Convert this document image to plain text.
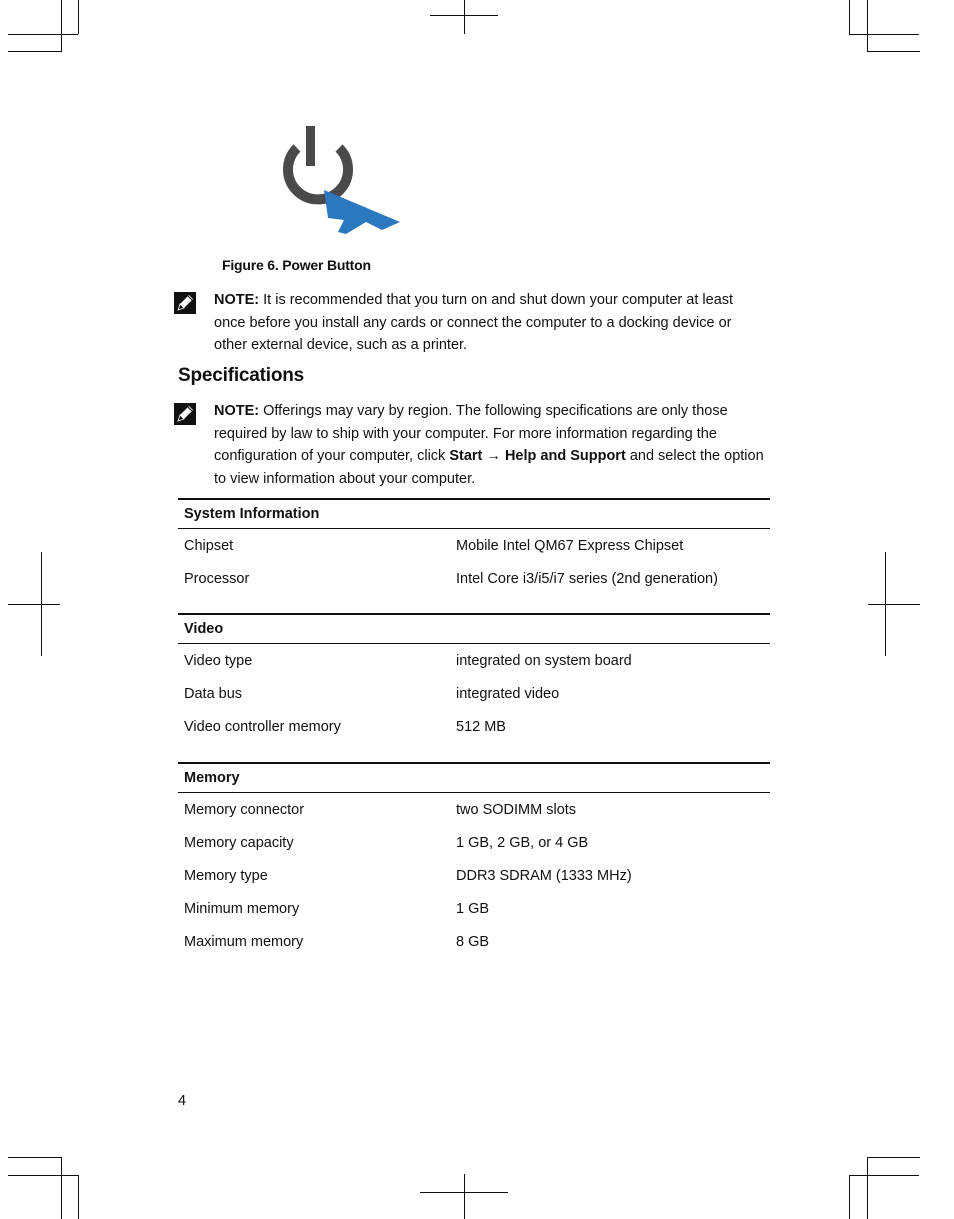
Figure 6. Power Button
NOTE: It is recommended that you turn on and shut down your computer at least once before you install any cards or connect the computer to a docking device or other external device, such as a printer.
Specifications
NOTE: Offerings may vary by region. The following specifications are only those required by law to ship with your computer. For more information regarding the configuration of your computer, click Start → Help and Support and select the option to view information about your computer.
System Information
Chipset	Mobile Intel QM67 Express Chipset
Processor	Intel Core i3/i5/i7 series (2nd generation)
Video
Video type	integrated on system board
Data bus	integrated video
Video controller memory	512 MB
Memory
Memory connector	two SODIMM slots
Memory capacity	1 GB, 2 GB, or 4 GB
Memory type	DDR3 SDRAM (1333 MHz)
Minimum memory	1 GB
Maximum memory	8 GB
4
